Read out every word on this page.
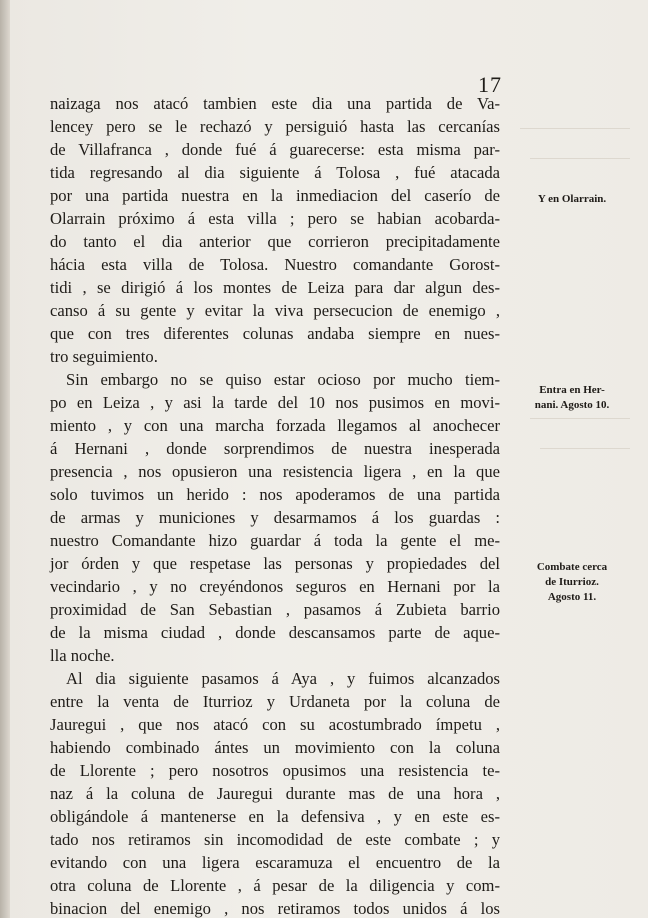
17
naizaga nos atacó tambien este dia una partida de Va-
lencey pero se le rechazó y persiguió hasta las cercanías
de Villafranca , donde fué á guarecerse: esta misma par-
tida regresando al dia siguiente á Tolosa , fué atacada
por una partida nuestra en la inmediacion del caserío de
Olarrain próximo á esta villa ; pero se habian acobarda-
do tanto el dia anterior que corrieron precipitadamente
hácia esta villa de Tolosa. Nuestro comandante Gorost-
tidi , se dirigió á los montes de Leiza para dar algun des-
canso á su gente y evitar la viva persecucion de enemigo ,
que con tres diferentes colunas andaba siempre en nues-
tro seguimiento.
Sin embargo no se quiso estar ocioso por mucho tiem-
po en Leiza , y asi la tarde del 10 nos pusimos en movi-
miento , y con una marcha forzada llegamos al anochecer
á Hernani , donde sorprendimos de nuestra inesperada
presencia , nos opusieron una resistencia ligera , en la que
solo tuvimos un herido : nos apoderamos de una partida
de armas y municiones y desarmamos á los guardas :
nuestro Comandante hizo guardar á toda la gente el me-
jor órden y que respetase las personas y propiedades del
vecindario , y no creyéndonos seguros en Hernani por la
proximidad de San Sebastian , pasamos á Zubieta barrio
de la misma ciudad , donde descansamos parte de aque-
lla noche.
Al dia siguiente pasamos á Aya , y fuimos alcanzados
entre la venta de Iturrioz y Urdaneta por la coluna de
Jauregui , que nos atacó con su acostumbrado ímpetu ,
habiendo combinado ántes un movimiento con la coluna
de Llorente ; pero nosotros opusimos una resistencia te-
naz á la coluna de Jauregui durante mas de una hora ,
obligándole á mantenerse en la defensiva , y en este es-
tado nos retiramos sin incomodidad de este combate ; y
evitando con una ligera escaramuza el encuentro de la
otra coluna de Llorente , á pesar de la diligencia y com-
binacion del enemigo , nos retiramos todos unidos á los
Y en Olarrain.
Entra en Her-
nani. Agosto 10.
Combate cerca
de Iturrioz.
Agosto 11.
